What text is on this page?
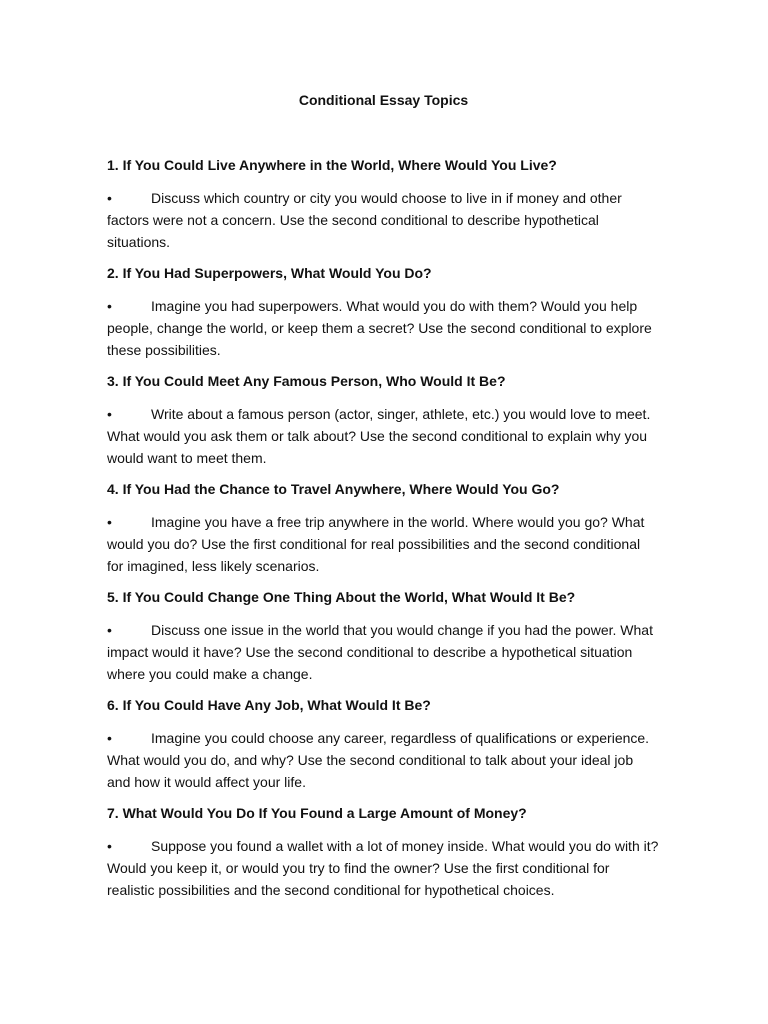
Conditional Essay Topics
1. If You Could Live Anywhere in the World, Where Would You Live?
•	Discuss which country or city you would choose to live in if money and other factors were not a concern. Use the second conditional to describe hypothetical situations.
2. If You Had Superpowers, What Would You Do?
•	Imagine you had superpowers. What would you do with them? Would you help people, change the world, or keep them a secret? Use the second conditional to explore these possibilities.
3. If You Could Meet Any Famous Person, Who Would It Be?
•	Write about a famous person (actor, singer, athlete, etc.) you would love to meet. What would you ask them or talk about? Use the second conditional to explain why you would want to meet them.
4. If You Had the Chance to Travel Anywhere, Where Would You Go?
•	Imagine you have a free trip anywhere in the world. Where would you go? What would you do? Use the first conditional for real possibilities and the second conditional for imagined, less likely scenarios.
5. If You Could Change One Thing About the World, What Would It Be?
•	Discuss one issue in the world that you would change if you had the power. What impact would it have? Use the second conditional to describe a hypothetical situation where you could make a change.
6. If You Could Have Any Job, What Would It Be?
•	Imagine you could choose any career, regardless of qualifications or experience. What would you do, and why? Use the second conditional to talk about your ideal job and how it would affect your life.
7. What Would You Do If You Found a Large Amount of Money?
•	Suppose you found a wallet with a lot of money inside. What would you do with it? Would you keep it, or would you try to find the owner? Use the first conditional for realistic possibilities and the second conditional for hypothetical choices.
